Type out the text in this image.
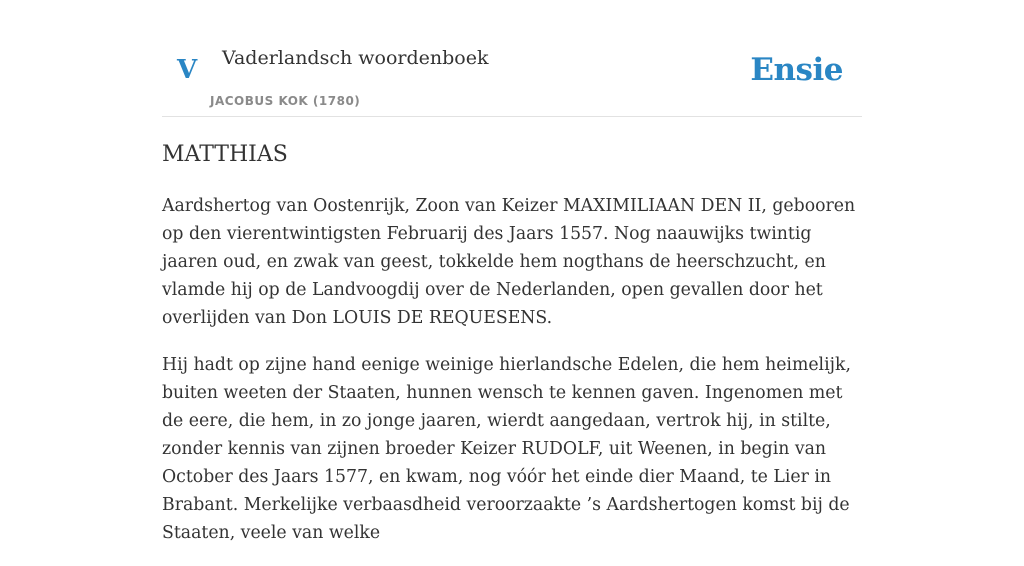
V Vaderlandsch woordenboek
JACOBUS KOK (1780)
Ensie
MATTHIAS

Aardshertog van Oostenrijk, Zoon van Keizer MAXIMILIAAN DEN II, gebooren op den vierentwintigsten Februarij des Jaars 1557. Nog naauwijks twintig jaaren oud, en zwak van geest, tokkelde hem nogthans de heerschzucht, en vlamde hij op de Landvoogdij over de Nederlanden, open gevallen door het overlijden van Don LOUIS DE REQUESENS.

Hij hadt op zijne hand eenige weinige hierlandsche Edelen, die hem heimelijk, buiten weeten der Staaten, hunnen wensch te kennen gaven. Ingenomen met de eere, die hem, in zo jonge jaaren, wierdt aangedaan, vertrok hij, in stilte, zonder kennis van zijnen broeder Keizer RUDOLF, uit Weenen, in begin van October des Jaars 1577, en kwam, nog vóór het einde dier Maand, te Lier in Brabant. Merkelijke verbaasdheid veroorzaakte ’s Aardshertogen komst bij de Staaten, veele van welke
